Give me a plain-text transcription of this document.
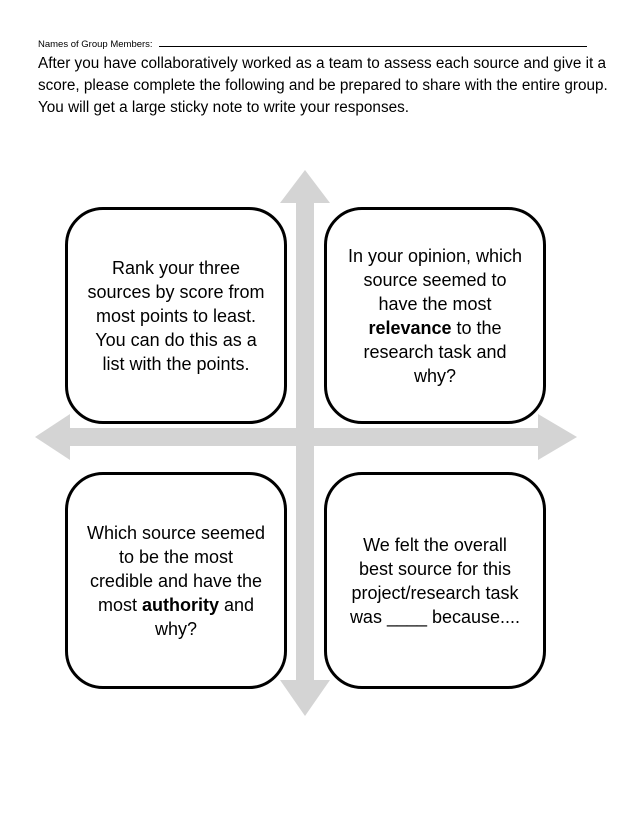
Names of Group Members:
After you have collaboratively worked as a team to assess each source and give it a score, please complete the following and be prepared to share with the entire group. You will get a large sticky note to write your responses.
Rank your three sources by score from most points to least. You can do this as a list with the points.
In your opinion, which source seemed to have the most relevance to the research task and why?
Which source seemed to be the most credible and have the most authority and why?
We felt the overall best source for this project/research task was ____ because....
